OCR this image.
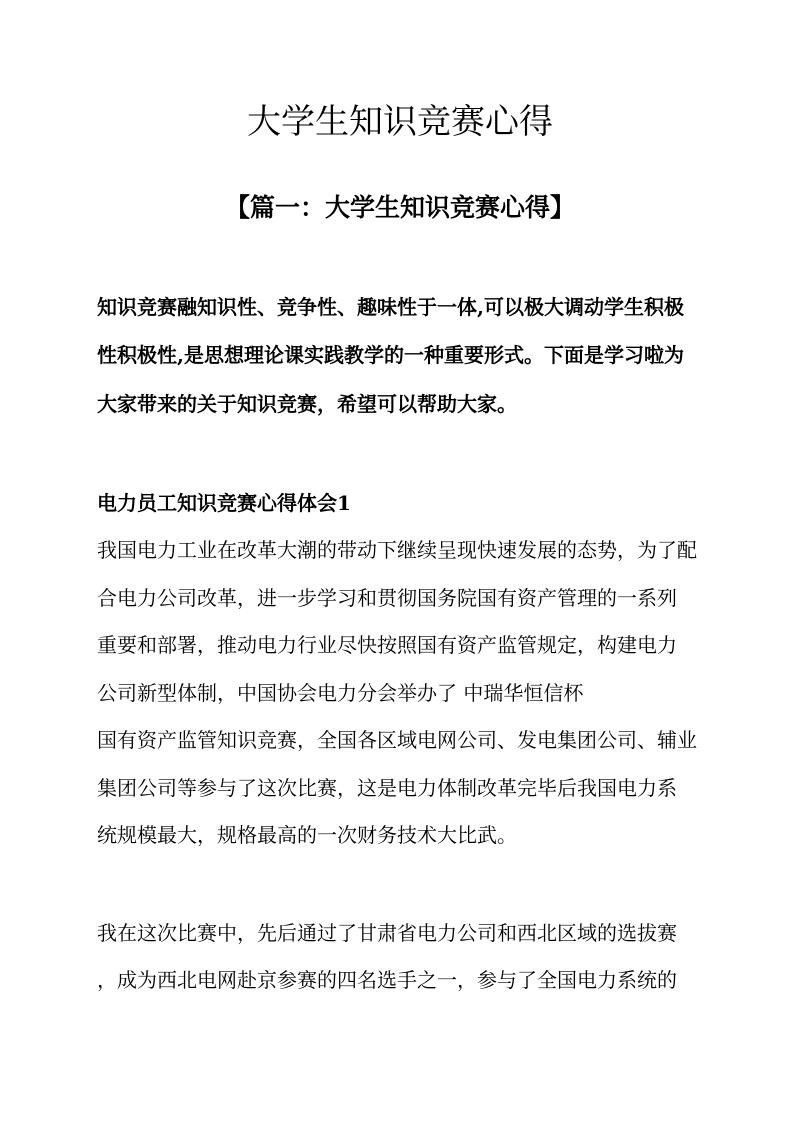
大学生知识竞赛心得
【篇一：大学生知识竞赛心得】

知识竞赛融知识性、竞争性、趣味性于一体,可以极大调动学生积极

性积极性,是思想理论课实践教学的一种重要形式。下面是学习啦为

大家带来的关于知识竞赛，希望可以帮助大家。

电力员工知识竞赛心得体会1

我国电力工业在改革大潮的带动下继续呈现快速发展的态势，为了配

合电力公司改革，进一步学习和贯彻国务院国有资产管理的一系列

重要和部署，推动电力行业尽快按照国有资产监管规定，构建电力

公司新型体制，中国协会电力分会举办了 中瑞华恒信杯

国有资产监管知识竞赛，全国各区域电网公司、发电集团公司、辅业

集团公司等参与了这次比赛，这是电力体制改革完毕后我国电力系

统规模最大，规格最高的一次财务技术大比武。

我在这次比赛中，先后通过了甘肃省电力公司和西北区域的选拔赛

，成为西北电网赴京参赛的四名选手之一，参与了全国电力系统的
